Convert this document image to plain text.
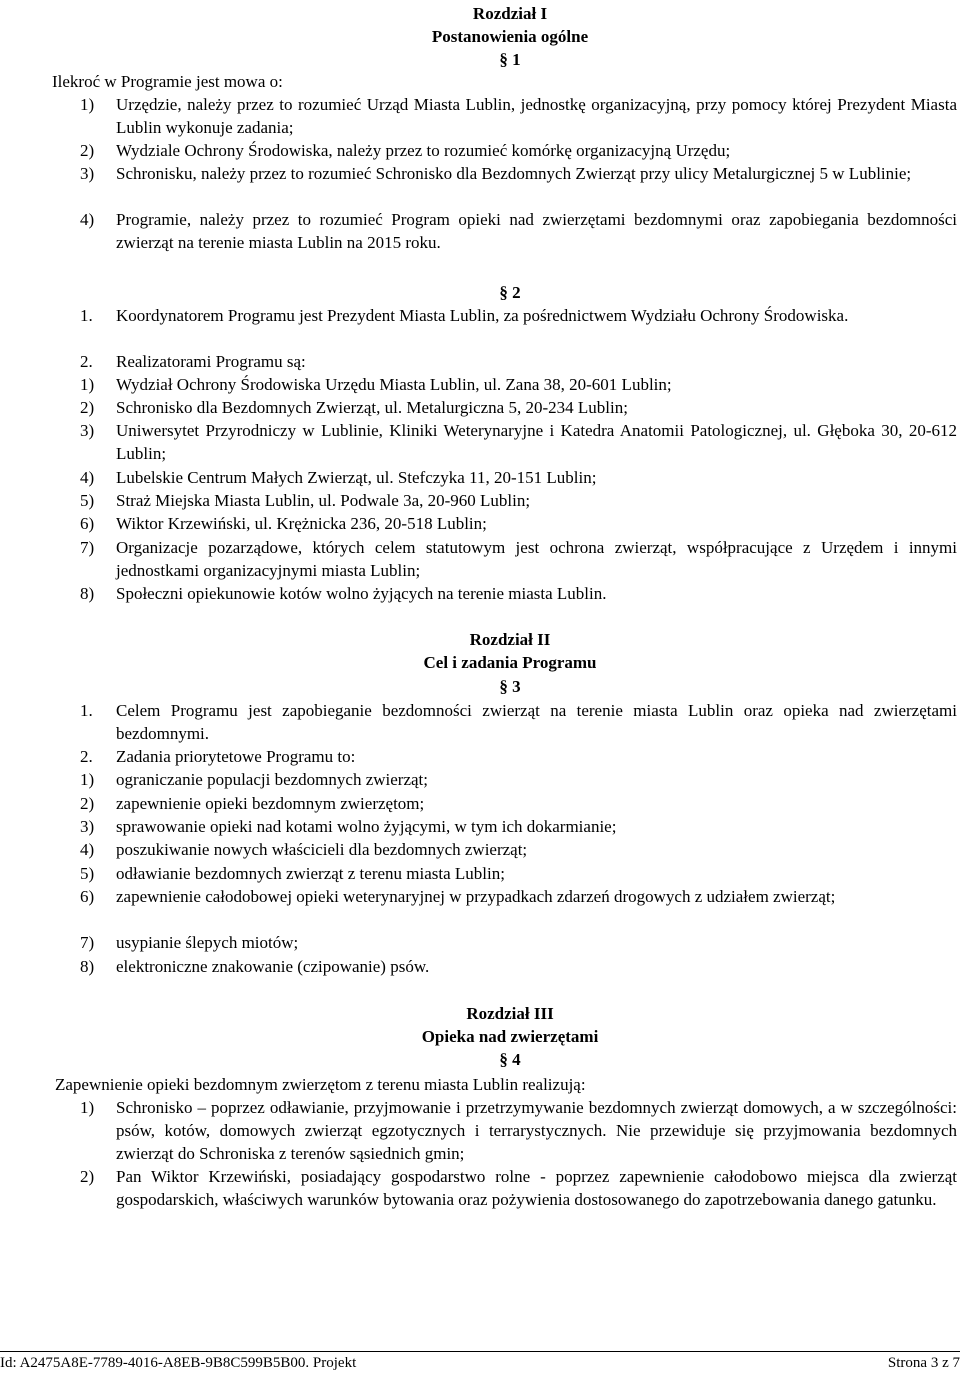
Rozdział I
Postanowienia ogólne
§ 1
Ilekroć w Programie jest mowa o:
1)	Urzędzie, należy przez to rozumieć Urząd Miasta Lublin, jednostkę organizacyjną, przy pomocy której Prezydent Miasta Lublin wykonuje zadania;
2)	Wydziale Ochrony Środowiska, należy przez to rozumieć komórkę organizacyjną Urzędu;
3)	Schronisku, należy przez to rozumieć Schronisko dla Bezdomnych Zwierząt przy ulicy Metalurgicznej 5 w Lublinie;
4)	Programie, należy przez to rozumieć Program opieki nad zwierzętami bezdomnymi oraz zapobiegania bezdomności zwierząt na terenie miasta Lublin na 2015 roku.
§ 2
1.	Koordynatorem Programu jest Prezydent Miasta Lublin, za pośrednictwem Wydziału Ochrony Środowiska.
2.	Realizatorami Programu są:
1)	Wydział Ochrony Środowiska Urzędu Miasta Lublin, ul. Zana 38, 20-601 Lublin;
2)	Schronisko dla Bezdomnych Zwierząt, ul. Metalurgiczna 5, 20-234 Lublin;
3)	Uniwersytet Przyrodniczy w Lublinie, Kliniki Weterynaryjne i Katedra Anatomii Patologicznej, ul. Głęboka 30, 20-612 Lublin;
4)	Lubelskie Centrum Małych Zwierząt, ul. Stefczyka 11, 20-151 Lublin;
5)	Straż Miejska Miasta Lublin, ul. Podwale 3a, 20-960 Lublin;
6)	Wiktor Krzewiński, ul. Krężnicka 236, 20-518 Lublin;
7)	Organizacje pozarządowe, których celem statutowym jest ochrona zwierząt, współpracujące z Urzędem i innymi jednostkami organizacyjnymi miasta Lublin;
8)	Społeczni opiekunowie kotów wolno żyjących na terenie miasta Lublin.
Rozdział II
Cel i zadania Programu
§ 3
1.	Celem Programu jest zapobieganie bezdomności zwierząt na terenie miasta Lublin oraz opieka nad zwierzętami bezdomnymi.
2.	Zadania priorytetowe Programu to:
1)	ograniczanie populacji bezdomnych zwierząt;
2)	zapewnienie opieki bezdomnym zwierzętom;
3)	sprawowanie opieki nad kotami wolno żyjącymi, w tym ich dokarmianie;
4)	poszukiwanie nowych właścicieli dla bezdomnych zwierząt;
5)	odławianie bezdomnych zwierząt z terenu miasta Lublin;
6)	zapewnienie całodobowej opieki weterynaryjnej w przypadkach zdarzeń drogowych z udziałem zwierząt;
7)	usypianie ślepych miotów;
8)	elektroniczne znakowanie (czipowanie) psów.
Rozdział III
Opieka nad zwierzętami
§ 4
Zapewnienie opieki bezdomnym zwierzętom z terenu miasta Lublin realizują:
1)	Schronisko – poprzez odławianie, przyjmowanie i przetrzymywanie bezdomnych zwierząt domowych, a w szczególności: psów, kotów, domowych zwierząt egzotycznych i terrarystycznych. Nie przewiduje się przyjmowania bezdomnych zwierząt do Schroniska z terenów sąsiednich gmin;
2)	Pan Wiktor Krzewiński, posiadający gospodarstwo rolne - poprzez zapewnienie całodobowo miejsca dla zwierząt gospodarskich, właściwych warunków bytowania oraz pożywienia dostosowanego do zapotrzebowania danego gatunku.
Id: A2475A8E-7789-4016-A8EB-9B8C599B5B00. Projekt	Strona 3 z 7
